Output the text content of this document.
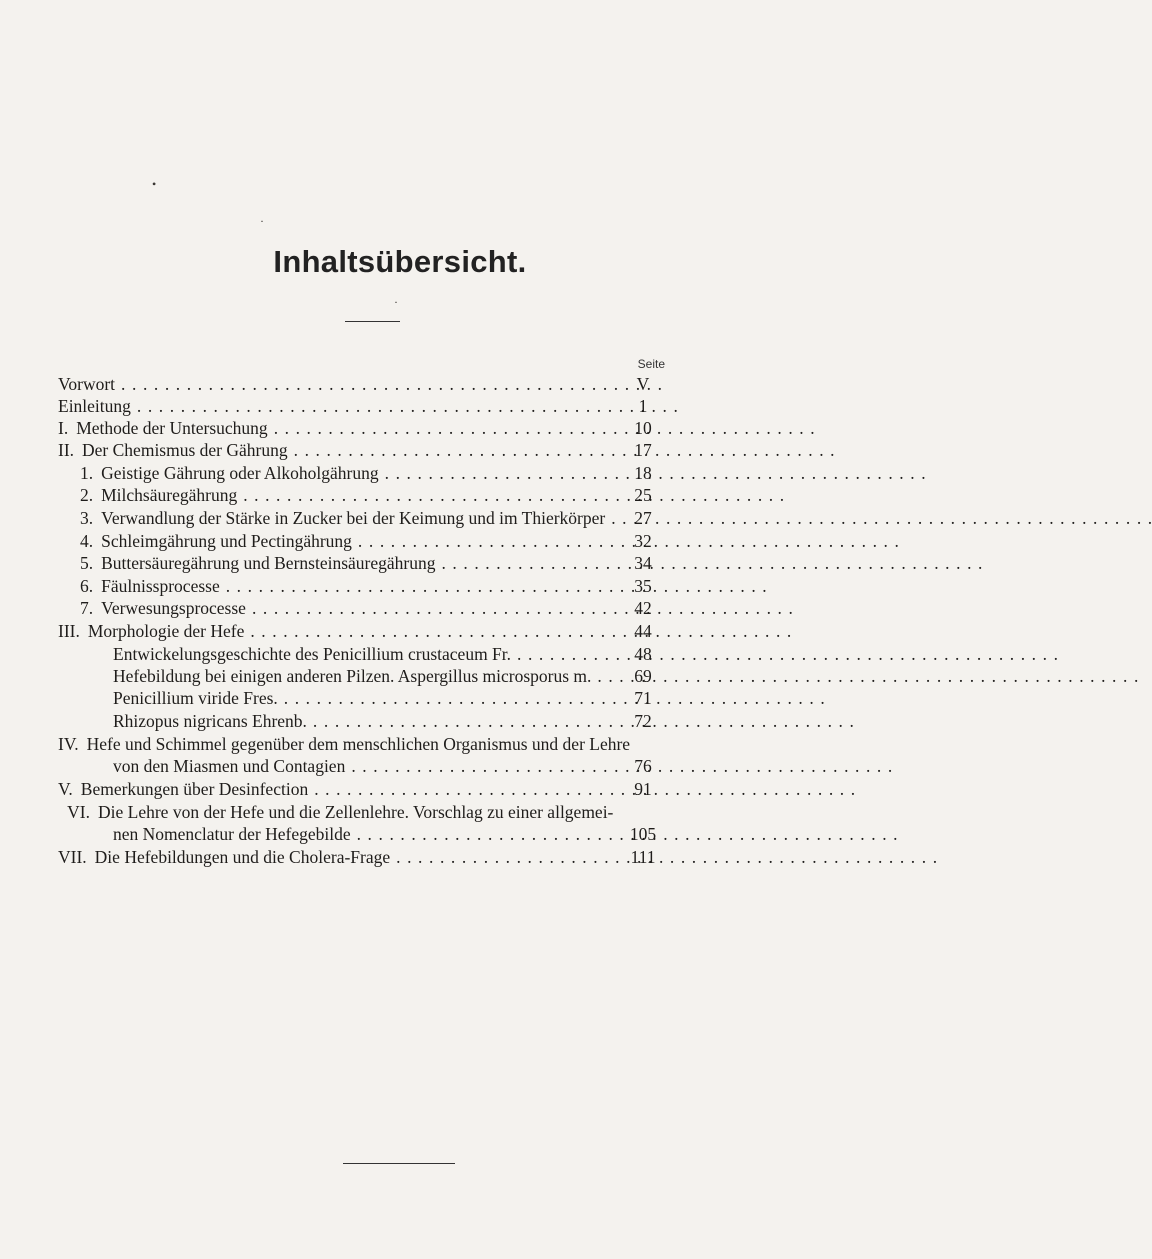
•
·
·
Inhaltsübersicht.
Seite
Vorwort . . .	V
Einleitung . . .	1
I. Methode der Untersuchung . . .	10
II. Der Chemismus der Gährung . . .	17
1. Geistige Gährung oder Alkoholgährung . . .	18
2. Milchsäuregährung . . .	25
3. Verwandlung der Stärke in Zucker bei der Keimung und im Thierkörper . . .	27
4. Schleimgährung und Pectingährung . . .	32
5. Buttersäuregährung und Bernsteinsäuregährung . . .	34
6. Fäulnissprocesse . . .	35
7. Verwesungsprocesse . . .	42
III. Morphologie der Hefe . . .	44
Entwickelungsgeschichte des Penicillium crustaceum Fr. . . .	48
Hefebildung bei einigen anderen Pilzen. Aspergillus microsporus m. . . .	69
Penicillium viride Fres. . . .	71
Rhizopus nigricans Ehrenb. . . .	72
IV. Hefe und Schimmel gegenüber dem menschlichen Organismus und der Lehre
von den Miasmen und Contagien . . .	76
V. Bemerkungen über Desinfection . . .	91
VI. Die Lehre von der Hefe und die Zellenlehre. Vorschlag zu einer allgemei-
nen Nomenclatur der Hefegebilde . . .	105
VII. Die Hefebildungen und die Cholera-Frage . . .	111
